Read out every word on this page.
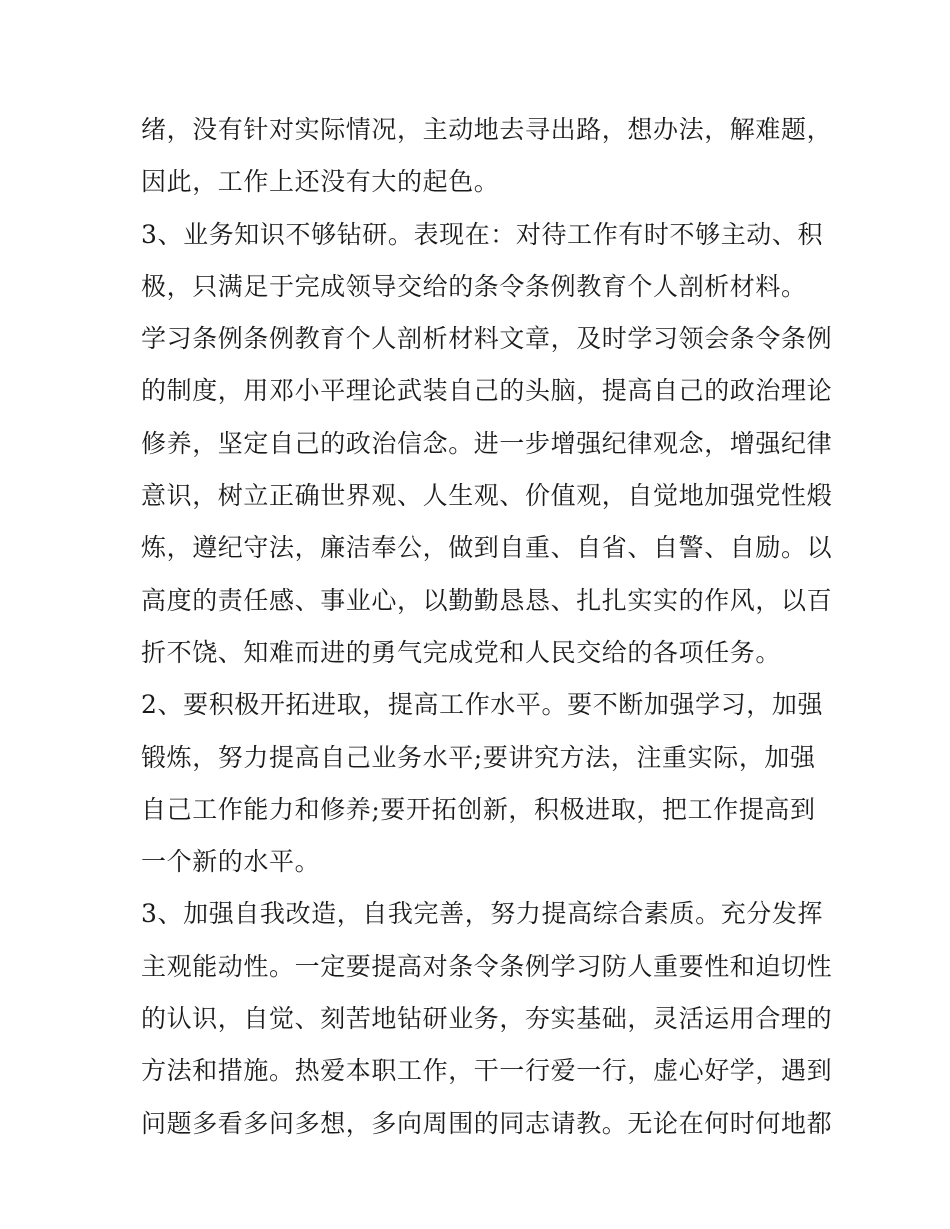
绪，没有针对实际情况，主动地去寻出路，想办法，解难题，
因此，工作上还没有大的起色。
3、业务知识不够钻研。表现在：对待工作有时不够主动、积
极，只满足于完成领导交给的条令条例教育个人剖析材料。
学习条例条例教育个人剖析材料文章，及时学习领会条令条例
的制度，用邓小平理论武装自己的头脑，提高自己的政治理论
修养，坚定自己的政治信念。进一步增强纪律观念，增强纪律
意识，树立正确世界观、人生观、价值观，自觉地加强党性煅
炼，遵纪守法，廉洁奉公，做到自重、自省、自警、自励。以
高度的责任感、事业心，以勤勤恳恳、扎扎实实的作风，以百
折不饶、知难而进的勇气完成党和人民交给的各项任务。
2、要积极开拓进取，提高工作水平。要不断加强学习，加强
锻炼，努力提高自己业务水平;要讲究方法，注重实际，加强
自己工作能力和修养;要开拓创新，积极进取，把工作提高到
一个新的水平。
3、加强自我改造，自我完善，努力提高综合素质。充分发挥
主观能动性。一定要提高对条令条例学习防人重要性和迫切性
的认识，自觉、刻苦地钻研业务，夯实基础，灵活运用合理的
方法和措施。热爱本职工作，干一行爱一行，虚心好学，遇到
问题多看多问多想，多向周围的同志请教。无论在何时何地都
